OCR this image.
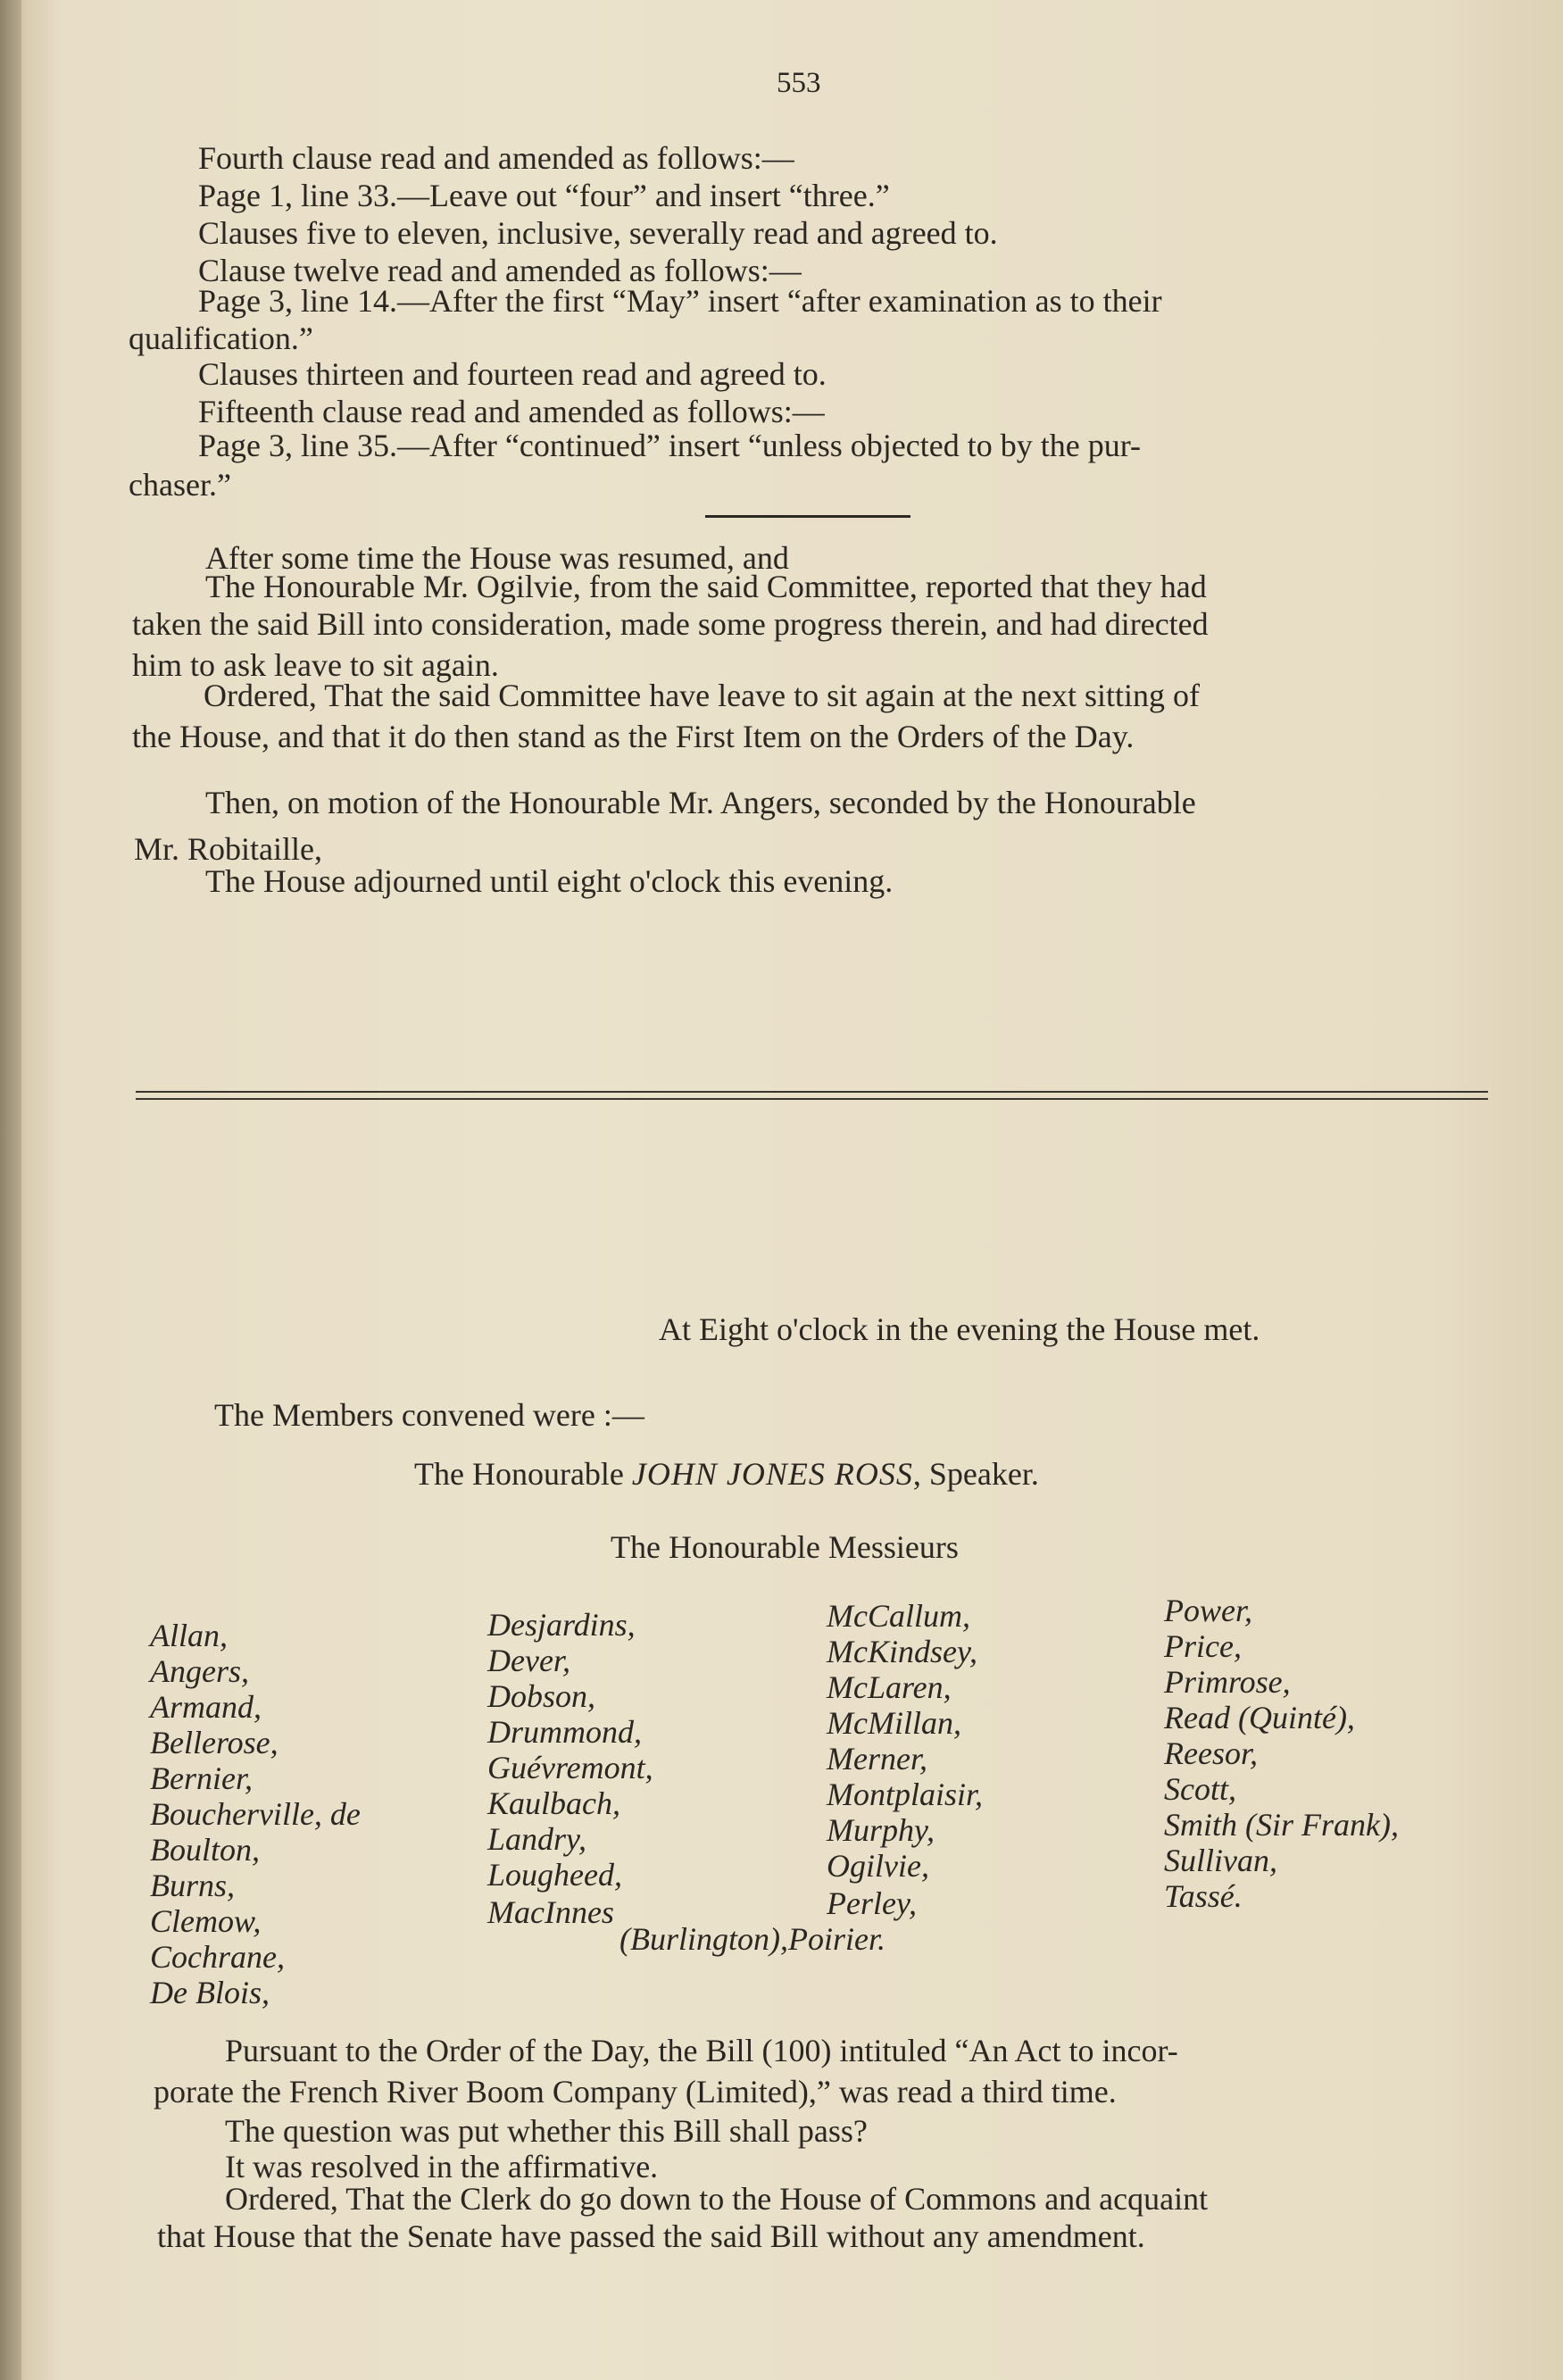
553
Fourth clause read and amended as follows:—
Page 1, line 33.—Leave out “four” and insert “three.”
Clauses five to eleven, inclusive, severally read and agreed to.
Clause twelve read and amended as follows:—
Page 3, line 14.—After the first “May” insert “after examination as to their
qualification.”
Clauses thirteen and fourteen read and agreed to.
Fifteenth clause read and amended as follows:—
Page 3, line 35.—After “continued” insert “unless objected to by the pur-
chaser.”
After some time the House was resumed, and
The Honourable Mr. Ogilvie, from the said Committee, reported that they had
taken the said Bill into consideration, made some progress therein, and had directed
him to ask leave to sit again.
Ordered, That the said Committee have leave to sit again at the next sitting of
the House, and that it do then stand as the First Item on the Orders of the Day.
Then, on motion of the Honourable Mr. Angers, seconded by the Honourable
Mr. Robitaille,
The House adjourned until eight o'clock this evening.
At Eight o'clock in the evening the House met.
The Members convened were :—
The Honourable JOHN JONES ROSS, Speaker.
The Honourable Messieurs
Allan,
Angers,
Armand,
Bellerose,
Bernier,
Boucherville, de
Boulton,
Burns,
Clemow,
Cochrane,
De Blois,
Desjardins,
Dever,
Dobson,
Drummond,
Guévremont,
Kaulbach,
Landry,
Lougheed,
MacInnes
McCallum,
McKindsey,
McLaren,
McMillan,
Merner,
Montplaisir,
Murphy,
Ogilvie,
Perley,
(Burlington),Poirier.
Power,
Price,
Primrose,
Read (Quinté),
Reesor,
Scott,
Smith (Sir Frank),
Sullivan,
Tassé.
Pursuant to the Order of the Day, the Bill (100) intituled “An Act to incor-
porate the French River Boom Company (Limited),” was read a third time.
The question was put whether this Bill shall pass?
It was resolved in the affirmative.
Ordered, That the Clerk do go down to the House of Commons and acquaint
that House that the Senate have passed the said Bill without any amendment.
